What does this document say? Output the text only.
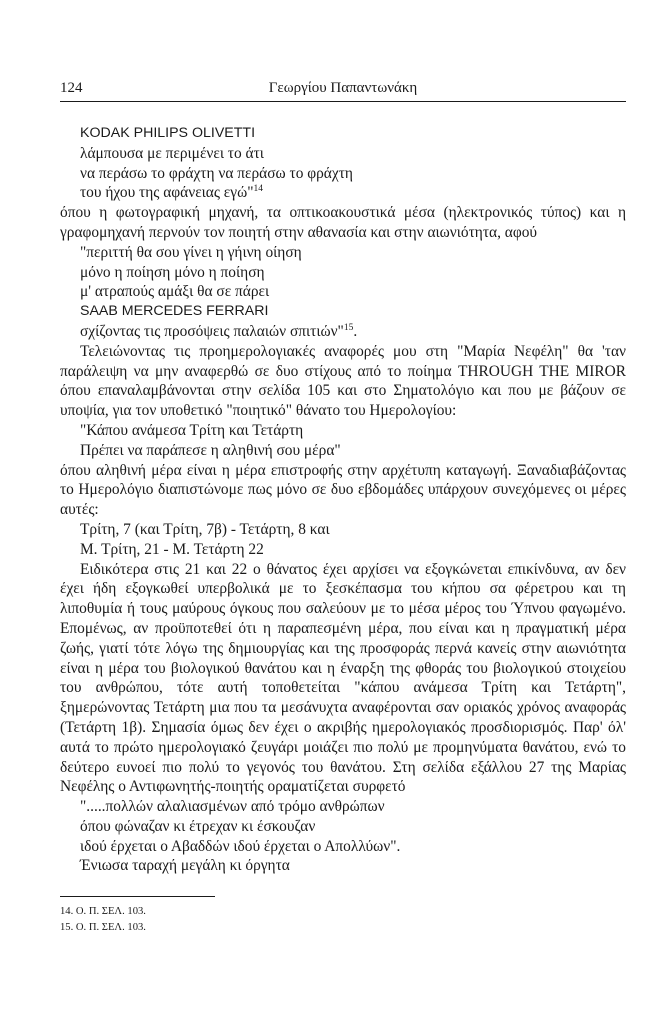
124	Γεωργίου Παπαντωνάκη

KODAK PHILIPS OLIVETTI

λάμπουσα με περιμένει το άτι

να περάσω το φράχτη να περάσω το φράχτη

του ήχου της αφάνειας εγώ"$^{14}$

όπου η φωτογραφική μηχανή, τα οπτικοακουστικά μέσα (ηλεκτρονικός τύπος) και η γραφομηχανή περνούν τον ποιητή στην αθανασία και στην αιωνιότητα, αφού

"περιττή θα σου γίνει η γήινη οίηση

μόνο η ποίηση μόνο η ποίηση

μ' ατραπούς αμάξι θα σε πάρει

SAAB MERCEDES FERRARI

σχίζοντας τις προσόψεις παλαιών σπιτιών"$^{15}$.

Τελειώνοντας τις προημερολογιακές αναφορές μου στη "Μαρία Νεφέλη" θα 'ταν παράλειψη να μην αναφερθώ σε δυο στίχους από το ποίημα THROUGH THE MIROR όπου επαναλαμβάνονται στην σελίδα 105 και στο Σηματολόγιο και που με βάζουν σε υποψία, για τον υποθετικό "ποιητικό" θάνατο του Ημερολογίου:

"Κάπου ανάμεσα Τρίτη και Τετάρτη

Πρέπει να παράπεσε η αληθινή σου μέρα"

όπου αληθινή μέρα είναι η μέρα επιστροφής στην αρχέτυπη καταγωγή. Ξαναδιαβάζοντας το Ημερολόγιο διαπιστώνομε πως μόνο σε δυο εβδομάδες υπάρχουν συνεχόμενες οι μέρες αυτές:

Τρίτη, 7 (και Τρίτη, 7β) - Τετάρτη, 8 και

Μ. Τρίτη, 21 - Μ. Τετάρτη 22

Ειδικότερα στις 21 και 22 ο θάνατος έχει αρχίσει να εξογκώνεται επικίνδυνα, αν δεν έχει ήδη εξογκωθεί υπερβολικά με το ξεσκέπασμα του κήπου σα φέρετρου και τη λιποθυμία ή τους μαύρους όγκους που σαλεύουν με το μέσα μέρος του Ύπνου φαγωμένο. Επομένως, αν προϋποτεθεί ότι η παραπεσμένη μέρα, που είναι και η πραγματική μέρα ζωής, γιατί τότε λόγω της δημιουργίας και της προσφοράς περνά κανείς στην αιωνιότητα είναι η μέρα του βιολογικού θανάτου και η έναρξη της φθοράς του βιολογικού στοιχείου του ανθρώπου, τότε αυτή τοποθετείται "κάπου ανάμεσα Τρίτη και Τετάρτη", ξημερώνοντας Τετάρτη μια που τα μεσάνυχτα αναφέρονται σαν οριακός χρόνος αναφοράς (Τετάρτη 1β). Σημασία όμως δεν έχει ο ακριβής ημερολογιακός προσδιορισμός. Παρ' όλ' αυτά το πρώτο ημερολογιακό ζευγάρι μοιάζει πιο πολύ με προμηνύματα θανάτου, ενώ το δεύτερο ευνοεί πιο πολύ το γεγονός του θανάτου. Στη σελίδα εξάλλου 27 της Μαρίας Νεφέλης ο Αντιφωνητής-ποιητής οραματίζεται συρφετό

".....πολλών αλαλιασμένων από τρόμο ανθρώπων

όπου φώναζαν κι έτρεχαν κι έσκουζαν

ιδού έρχεται ο Αβαδδών ιδού έρχεται ο Απολλύων".

Ένιωσα ταραχή μεγάλη κι όργητα

14. Ο. Π. ΣΕΛ. 103.

15. Ο. Π. ΣΕΛ. 103.
